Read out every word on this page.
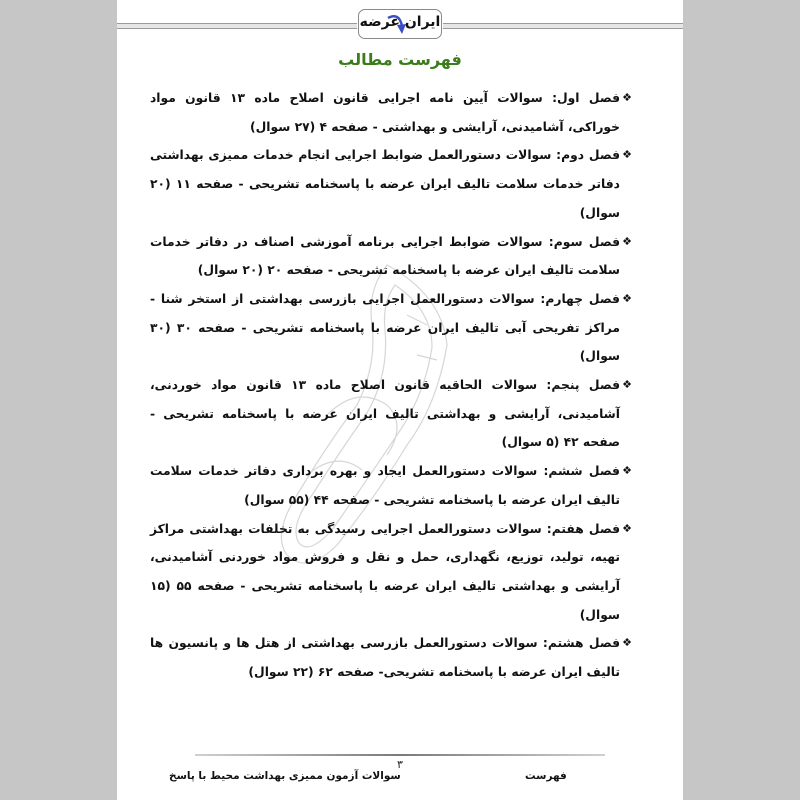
ایران عرضه
فهرست مطالب

❖
فصل اول: سوالات آیین نامه اجرایی قانون اصلاح ماده ۱۳ قانون مواد خوراکی، آشامیدنی، آرایشی و بهداشتی - صفحه ۴ (۲۷ سوال)

❖
فصل دوم: سوالات دستورالعمل ضوابط اجرایی انجام خدمات ممیزی بهداشتی دفاتر خدمات سلامت تالیف ایران عرضه با پاسخنامه تشریحی - صفحه ۱۱ (۲۰ سوال)

❖
فصل سوم: سوالات ضوابط اجرایی برنامه آموزشی اصناف در دفاتر خدمات سلامت تالیف ایران عرضه با پاسخنامه تشریحی - صفحه ۲۰ (۲۰ سوال)

❖
فصل چهارم: سوالات دستورالعمل اجرایی بازرسی بهداشتی از استخر شنا - مراکز تفریحی آبی تالیف ایران عرضه با پاسخنامه تشریحی - صفحه ۳۰ (۳۰ سوال)

❖
فصل پنجم: سوالات الحاقیه قانون اصلاح ماده ۱۳ قانون مواد خوردنی، آشامیدنی، آرایشی و بهداشتی تالیف ایران عرضه با پاسخنامه تشریحی - صفحه ۴۲ (۵ سوال)

❖
فصل ششم: سوالات دستورالعمل ایجاد و بهره برداری دفاتر خدمات سلامت تالیف ایران عرضه با پاسخنامه تشریحی - صفحه ۴۴ (۵۵ سوال)

❖
فصل هفتم: سوالات دستورالعمل اجرایی رسیدگی به تخلفات بهداشتی مراکز تهیه، تولید، توزیع، نگهداری، حمل و نقل و فروش مواد خوردنی آشامیدنی، آرایشی و بهداشتی تالیف ایران عرضه با پاسخنامه تشریحی - صفحه ۵۵ (۱۵ سوال)

❖
فصل هشتم: سوالات دستورالعمل بازرسی بهداشتی از هتل ها و پانسیون ها تالیف ایران عرضه با پاسخنامه تشریحی- صفحه ۶۲ (۲۲ سوال)

۳
سوالات آزمون ممیزی بهداشت محیط با پاسخ	فهرست
